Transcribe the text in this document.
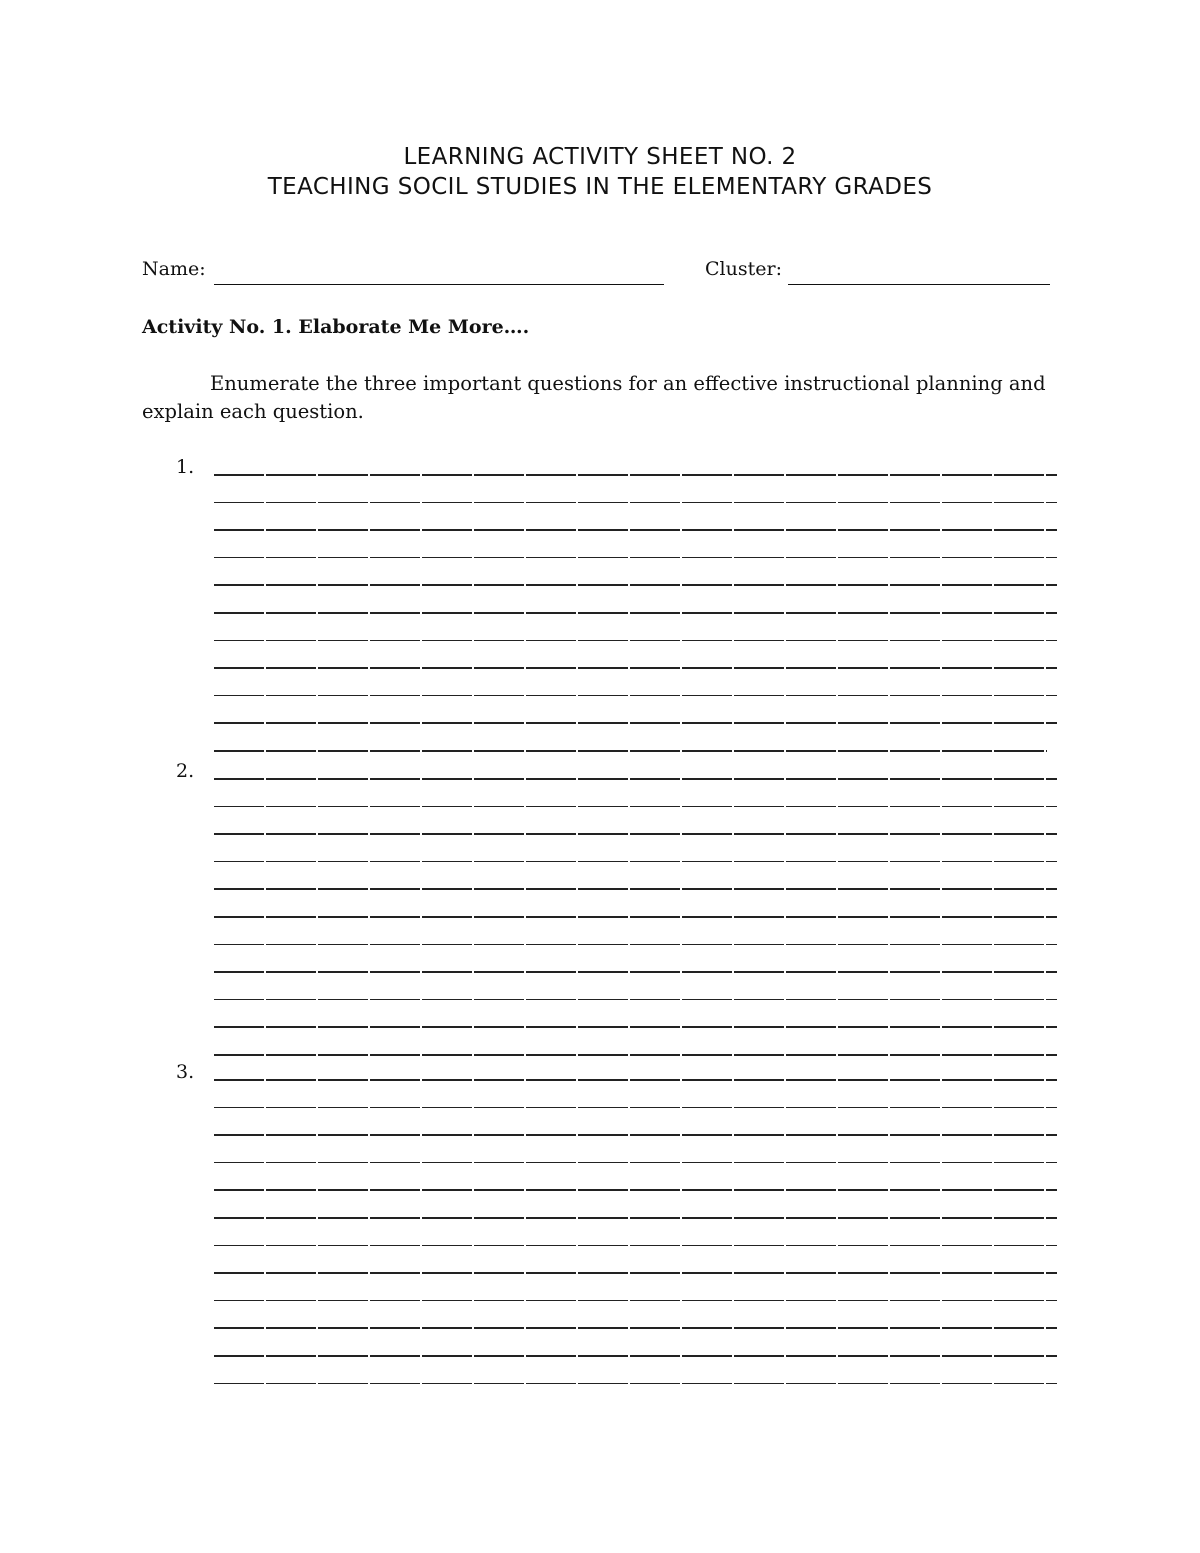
LEARNING ACTIVITY SHEET NO. 2
TEACHING SOCIL STUDIES IN THE ELEMENTARY GRADES
Name:	Cluster:
Activity No. 1. Elaborate Me More….
Enumerate the three important questions for an effective instructional planning and explain each question.
1.
2.
3.
